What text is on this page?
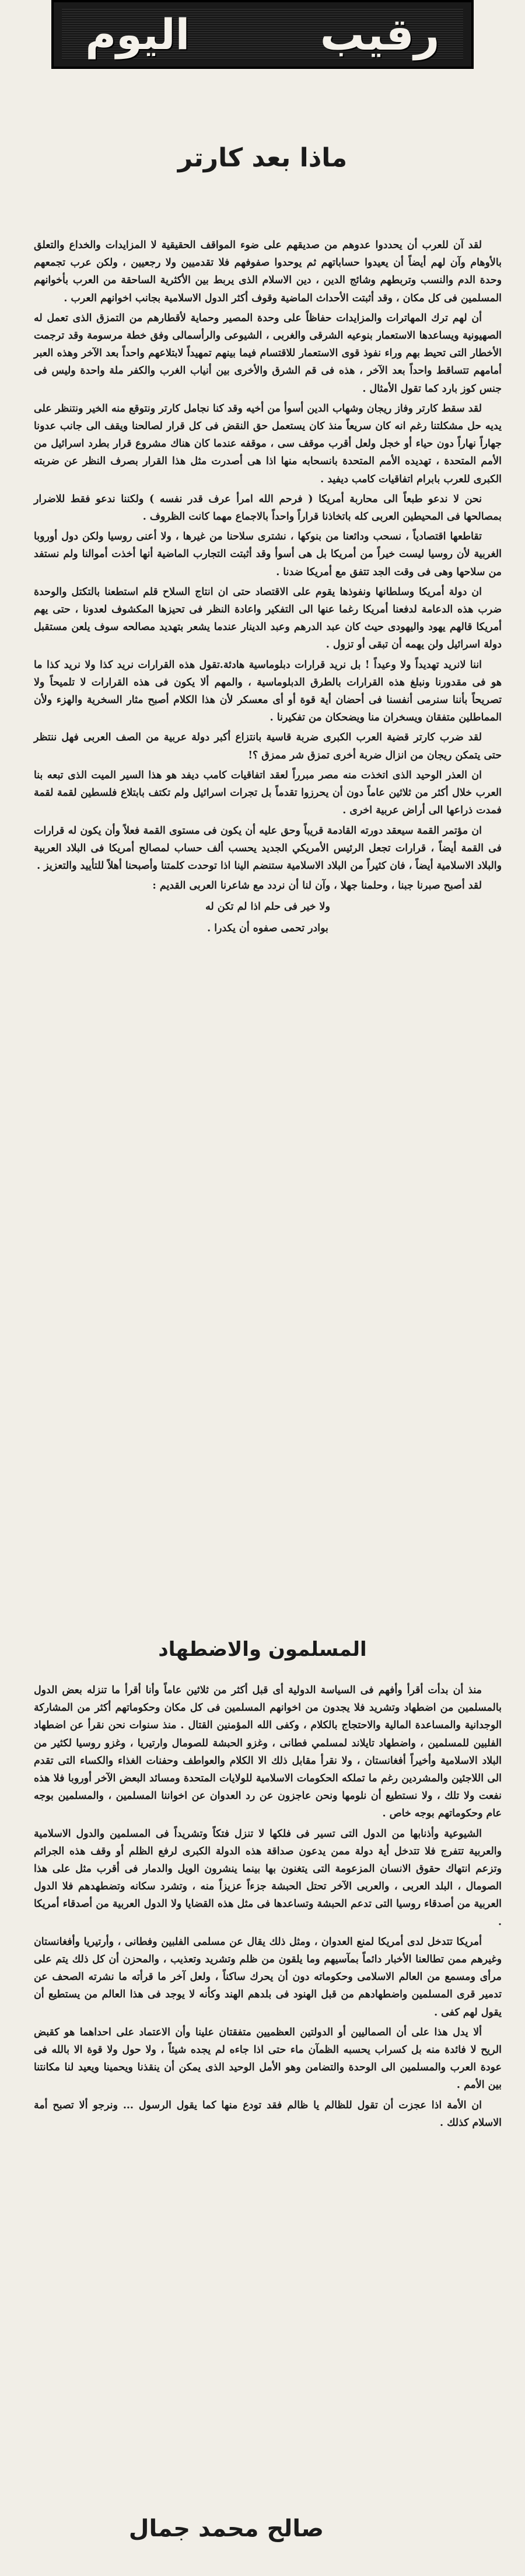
اليوم	رقيب
ماذا بعد كارتر

لقد آن للعرب أن يحددوا عدوهم من صديقهم على ضوء المواقف الحقيقية لا المزايدات والخداع والتعلق بالأوهام وآن لهم أيضاً أن يعيدوا حساباتهم ثم يوحدوا صفوفهم فلا تقدميين ولا رجعيين ، ولكن عرب تجمعهم وحدة الدم والنسب وتربطهم وشائج الدين ، دين الاسلام الذى يربط بين الأكثرية الساحقة من العرب بأخوانهم المسلمين فى كل مكان ، وقد أثبتت الأحداث الماضية وقوف أكثر الدول الاسلامية بجانب اخوانهم العرب .

أن لهم ترك المهاترات والمزايدات حفاظاً على وحدة المصير وحماية لأقطارهم من التمزق الذى تعمل له الصهيونية ويساعدها الاستعمار بنوعيه الشرقى والغربى ، الشيوعى والرأسمالى وفق خطة مرسومة وقد ترجمت الأخطار التى تحيط بهم وراء نفوذ قوى الاستعمار للاقتسام فيما بينهم تمهيداً لابتلاعهم واحداً بعد الآخر وهذه العبر أمامهم تتساقط واحداً بعد الآخر ، هذه فى قم الشرق والأخرى بين أنياب الغرب والكفر ملة واحدة وليس فى جنس كوز بارد كما تقول الأمثال .

لقد سقط كارتر وفاز ريجان وشهاب الدين أسوأ من أخيه وقد كنا نجامل كارتر ونتوقع منه الخير ونتنظر على يديه حل مشكلتنا رغم انه كان سريعاً منذ كان يستعمل حق النقض فى كل قرار لصالحنا ويقف الى جانب عدونا جهاراً نهاراً دون حياء أو خجل ولعل أقرب موقف سى ، موقفه عندما كان هناك مشروع قرار بطرد اسرائيل من الأمم المتحدة ، تهديده الأمم المتحدة بانسحابه منها اذا هى أصدرت مثل هذا القرار بصرف النظر عن ضربته الكبرى للعرب بابرام اتفاقيات كامب ديفيد .

نحن لا ندعو طبعاً الى محاربة أمريكا ( فرحم الله امرأ عرف قدر نفسه ) ولكننا ندعو فقط للاضرار بمصالحها فى المحيطين العربى كله باتخاذنا قراراً واحداً بالاجماع مهما كانت الظروف .

تقاطعها اقتصادياً ، نسحب ودائعنا من بنوكها ، نشترى سلاحنا من غيرها ، ولا أعنى روسيا ولكن دول أوروبا الغربية لأن روسيا ليست خيراً من أمريكا بل هى أسوأ وقد أثبتت التجارب الماضية أنها أخذت أموالنا ولم نستفد من سلاحها وهى فى وقت الجد تتفق مع أمريكا ضدنا .

ان دولة أمريكا وسلطانها ونفوذها يقوم على الاقتصاد حتى ان انتاج السلاح قلم استطعنا بالتكتل والوحدة ضرب هذه الدعامة لدفعنا أمريكا رغما عنها الى التفكير واعادة النظر فى تحيزها المكشوف لعدونا ، حتى يهم أمريكا قالهم يهود واليهودى حيث كان عبد الدرهم وعبد الدينار عندما يشعر بتهديد مصالحه سوف يلعن مستقبل دولة اسرائيل ولن يهمه أن تبقى أو تزول .

اننا لانريد تهديداً ولا وعيداً ! بل نريد قرارات دبلوماسية هادئة.تقول هذه القرارات نريد كذا ولا نريد كذا ما هو فى مقدورنا ونبلغ هذه القرارات بالطرق الدبلوماسية ، والمهم ألا يكون فى هذه القرارات لا تلميحاً ولا تصريحاً بأننا سنرمى أنفسنا فى أحضان أية قوة أو أى معسكر لأن هذا الكلام أصبح مثار السخرية والهزء ولأن المماطلين متفقان ويسخران منا ويضحكان من تفكيرنا .

لقد ضرب كارتر قضية العرب الكبرى ضربة قاسية بانتزاع أكبر دولة عربية من الصف العربى فهل ننتظر حتى يتمكن ريجان من انزال ضربة أخرى تمزق شر ممزق ؟!

ان العذر الوحيد الذى اتخذت منه مصر مبرراً لعقد اتفاقيات كامب ديفد هو هذا السير الميت الذى تبعه بنا العرب خلال أكثر من ثلاثين عاماً دون أن يحرزوا تقدماً بل تجرات اسرائيل ولم تكتف بابتلاع فلسطين لقمة لقمة فمدت ذراعها الى أراض عربية اخرى .

ان مؤتمر القمة سيعقد دورته القادمة قريباً وحق عليه أن يكون فى مستوى القمة فعلاً وأن يكون له قرارات فى القمة أيضاً ، قرارات تجعل الرئيس الأمريكي الجديد يحسب ألف حساب لمصالح أمريكا فى البلاد العربية والبلاد الاسلامية أيضاً ، فان كثيراً من البلاد الاسلامية ستنضم الينا اذا توحدت كلمتنا وأصبحنا أهلاً للتأييد والتعزيز .

لقد أصبح صبرنا جبنا ، وحلمنا جهلا ، وآن لنا أن نردد مع شاعرنا العربى القديم :

ولا خير فى حلم اذا لم تكن له

بوادر تحمى صفوه أن يكدرا .

المسلمون والاضطهاد

منذ أن بدأت أقرأ وأفهم فى السياسة الدولية أى قبل أكثر من ثلاثين عاماً وأنا أقرأ ما تنزله بعض الدول بالمسلمين من اضطهاد وتشريد فلا يجدون من اخوانهم المسلمين فى كل مكان وحكوماتهم أكثر من المشاركة الوجدانية والمساعدة المالية والاحتجاج بالكلام ، وكفى الله المؤمنين القتال . منذ سنوات نحن نقرأ عن اضطهاد الفلبين للمسلمين ، واضطهاد تايلاند لمسلمي فطانى ، وغزو الحبشة للصومال وارتيريا ، وغزو روسيا لكثير من البلاد الاسلامية وأخيراً أفغانستان ، ولا نقرأ مقابل ذلك الا الكلام والعواطف وحفنات الغذاء والكساء التى تقدم الى اللاجئين والمشردين رغم ما تملكه الحكومات الاسلامية للولايات المتحدة ومسائد البعض الآخر أوروبا فلا هذه نفعت ولا تلك ، ولا نستطيع أن نلومها ونحن عاجزون عن رد العدوان عن اخواننا المسلمين ، والمسلمين بوجه عام وحكوماتهم بوجه خاص .

الشيوعية وأذنابها من الدول التى تسير فى فلكها لا تنزل فتكاً وتشريداً فى المسلمين والدول الاسلامية والعربية تتفرج فلا تتدخل أية دولة ممن يدعون صداقة هذه الدولة الكبرى لرفع الظلم أو وقف هذه الجرائم وتزعم انتهاك حقوق الانسان المزعومة التى يتغنون بها بينما ينشرون الويل والدمار فى أقرب مثل على هذا الصومال ، البلد العربى ، والعربى الآخر تحتل الحبشة جزءاً عزيزاً منه ، وتشرد سكانه وتضطهدهم فلا الدول العربية من أصدقاء روسيا التى تدعم الحبشة وتساعدها فى مثل هذه القضايا ولا الدول العربية من أصدقاء أمريكا .

أمريكا تتدخل لدى أمريكا لمنع العدوان ، ومثل ذلك يقال عن مسلمى الفلبين وفطانى ، وأرتيريا وأفغانستان وغيرهم ممن تطالعنا الأخبار دائماً بمآسيهم وما يلقون من ظلم وتشريد وتعذيب ، والمحزن أن كل ذلك يتم على مرأى ومسمع من العالم الاسلامى وحكوماته دون أن يحرك ساكناً ، ولعل آخر ما قرأته ما نشرته الصحف عن تدمير قرى المسلمين واضطهادهم من قبل الهنود فى بلدهم الهند وكأنه لا يوجد فى هذا العالم من يستطيع أن يقول لهم كفى .

ألا يدل هذا على أن الصماليين أو الدولتين العظميين متفقتان علينا وأن الاعتماد على احداهما هو كقبض الريح لا فائدة منه بل كسراب يحسبه الظمآن ماء حتى اذا جاءه لم يجده شيئاً ، ولا حول ولا قوة الا بالله فى عودة العرب والمسلمين الى الوحدة والتضامن وهو الأمل الوحيد الذى يمكن أن ينقذنا ويحمينا ويعيد لنا مكانتنا بين الأمم .

ان الأمة اذا عجزت أن تقول للظالم يا ظالم فقد تودع منها كما يقول الرسول ... ونرجو ألا تصبح أمة الاسلام كذلك .

صالح محمد جمال
